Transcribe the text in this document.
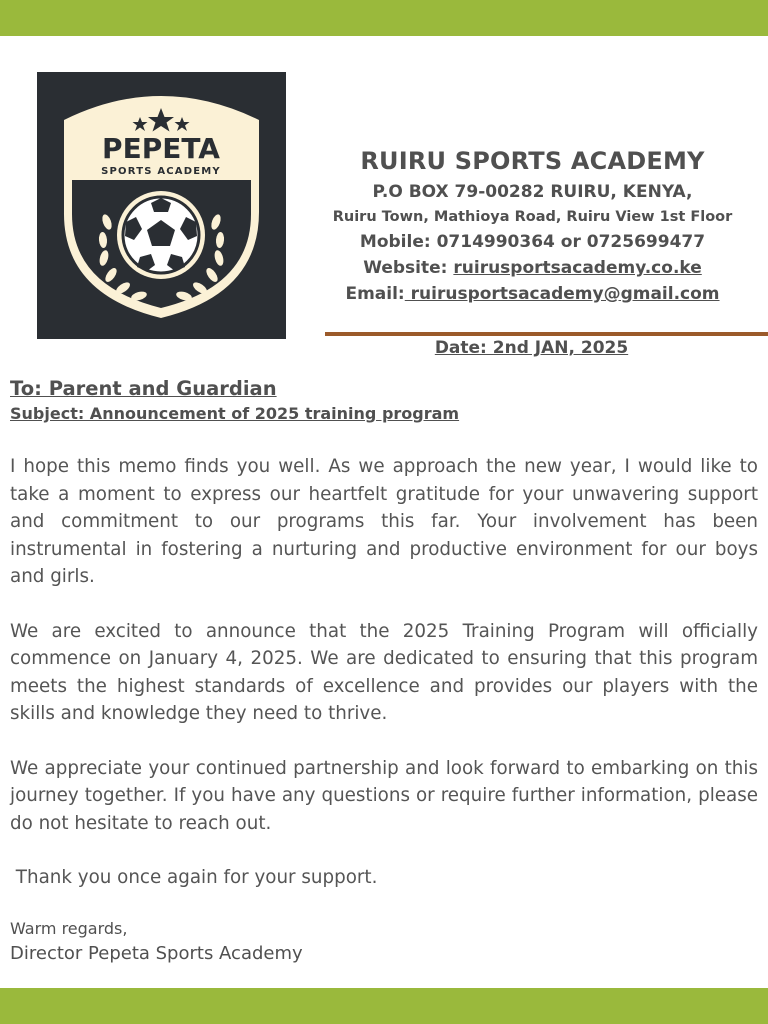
PEPETA
SPORTS ACADEMY	RUIRU SPORTS ACADEMY
P.O BOX 79-00282 RUIRU, KENYA,
Ruiru Town, Mathioya Road, Ruiru View 1st Floor
Mobile: 0714990364 or 0725699477
Website: ruirusportsacademy.co.ke
Email: ruirusportsacademy@gmail.com
Date: 2nd JAN, 2025
To: Parent and Guardian
Subject: Announcement of 2025 training program

I hope this memo finds you well. As we approach the new year, I would like to take a moment to express our heartfelt gratitude for your unwavering support and commitment to our programs this far. Your involvement has been instrumental in fostering a nurturing and productive environment for our boys and girls.

We are excited to announce that the 2025 Training Program will officially commence on January 4, 2025. We are dedicated to ensuring that this program meets the highest standards of excellence and provides our players with the skills and knowledge they need to thrive.

We appreciate your continued partnership and look forward to embarking on this journey together. If you have any questions or require further information, please do not hesitate to reach out.

Thank you once again for your support.

Warm regards,
Director Pepeta Sports Academy
